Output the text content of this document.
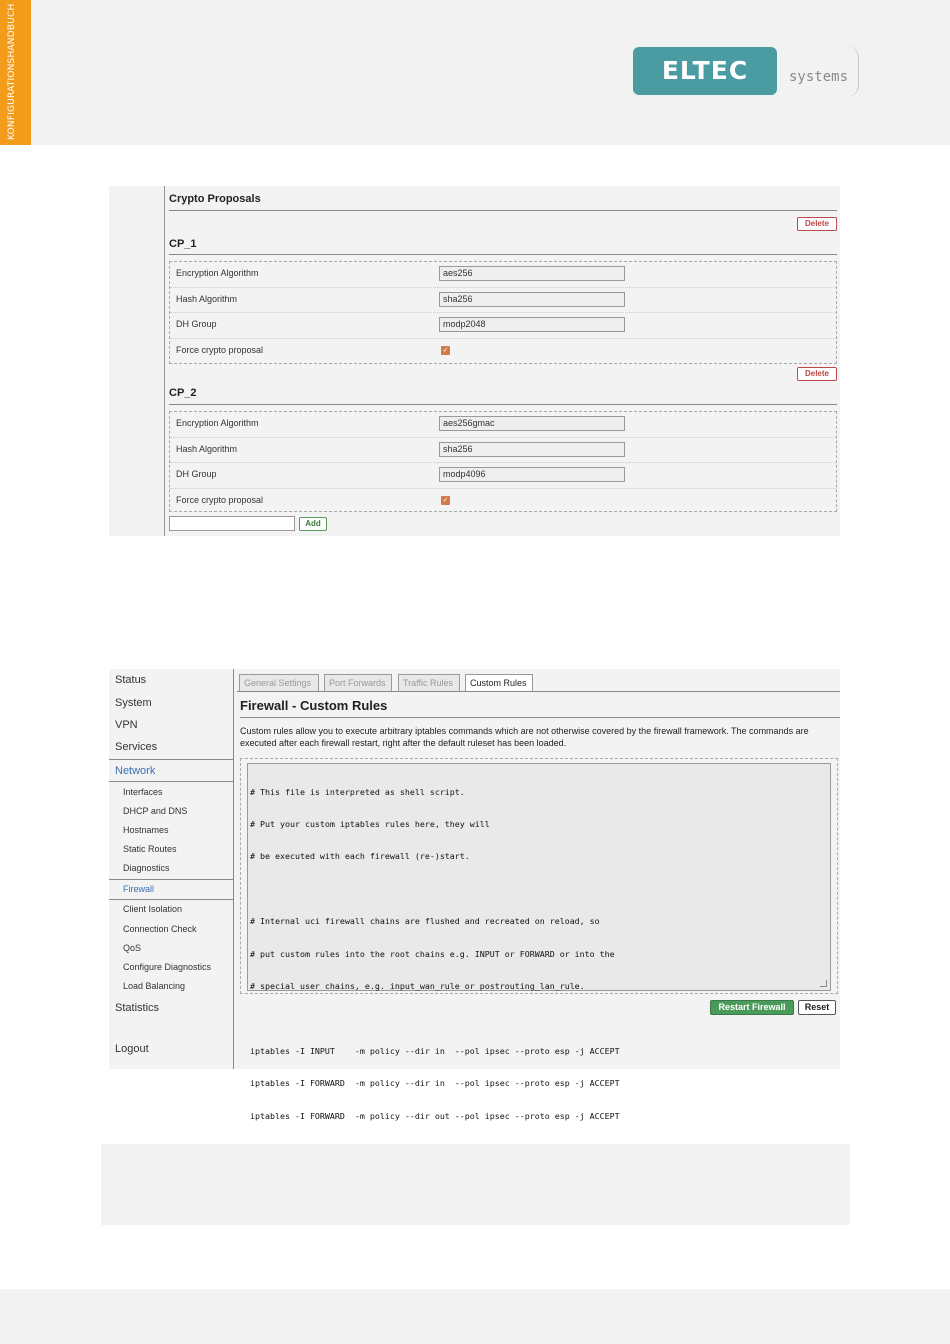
KONFIGURATIONSHANDBUCH	ELTEC	systems
Crypto Proposals
Delete
CP_1
Encryption Algorithm	aes256
Hash Algorithm	sha256
DH Group	modp2048
Force crypto proposal	✓
Delete
CP_2
Encryption Algorithm	aes256gmac
Hash Algorithm	sha256
DH Group	modp4096
Force crypto proposal	✓
Add
Status
System
VPN
Services
Network
Interfaces
DHCP and DNS
Hostnames
Static Routes
Diagnostics
Firewall
Client Isolation
Connection Check
QoS
Configure Diagnostics
Load Balancing
Statistics
Logout
General Settings	Port Forwards	Traffic Rules	Custom Rules
Firewall - Custom Rules
Custom rules allow you to execute arbitrary iptables commands which are not otherwise covered by the firewall framework. The commands are executed after each firewall restart, right after the default ruleset has been loaded.

# This file is interpreted as shell script.

# Put your custom iptables rules here, they will

# be executed with each firewall (re-)start.

# Internal uci firewall chains are flushed and recreated on reload, so

# put custom rules into the root chains e.g. INPUT or FORWARD or into the

# special user chains, e.g. input_wan_rule or postrouting_lan_rule.

iptables -I INPUT    -m policy --dir in  --pol ipsec --proto esp -j ACCEPT

iptables -I FORWARD  -m policy --dir in  --pol ipsec --proto esp -j ACCEPT

iptables -I FORWARD  -m policy --dir out --pol ipsec --proto esp -j ACCEPT

Restart Firewall	Reset
